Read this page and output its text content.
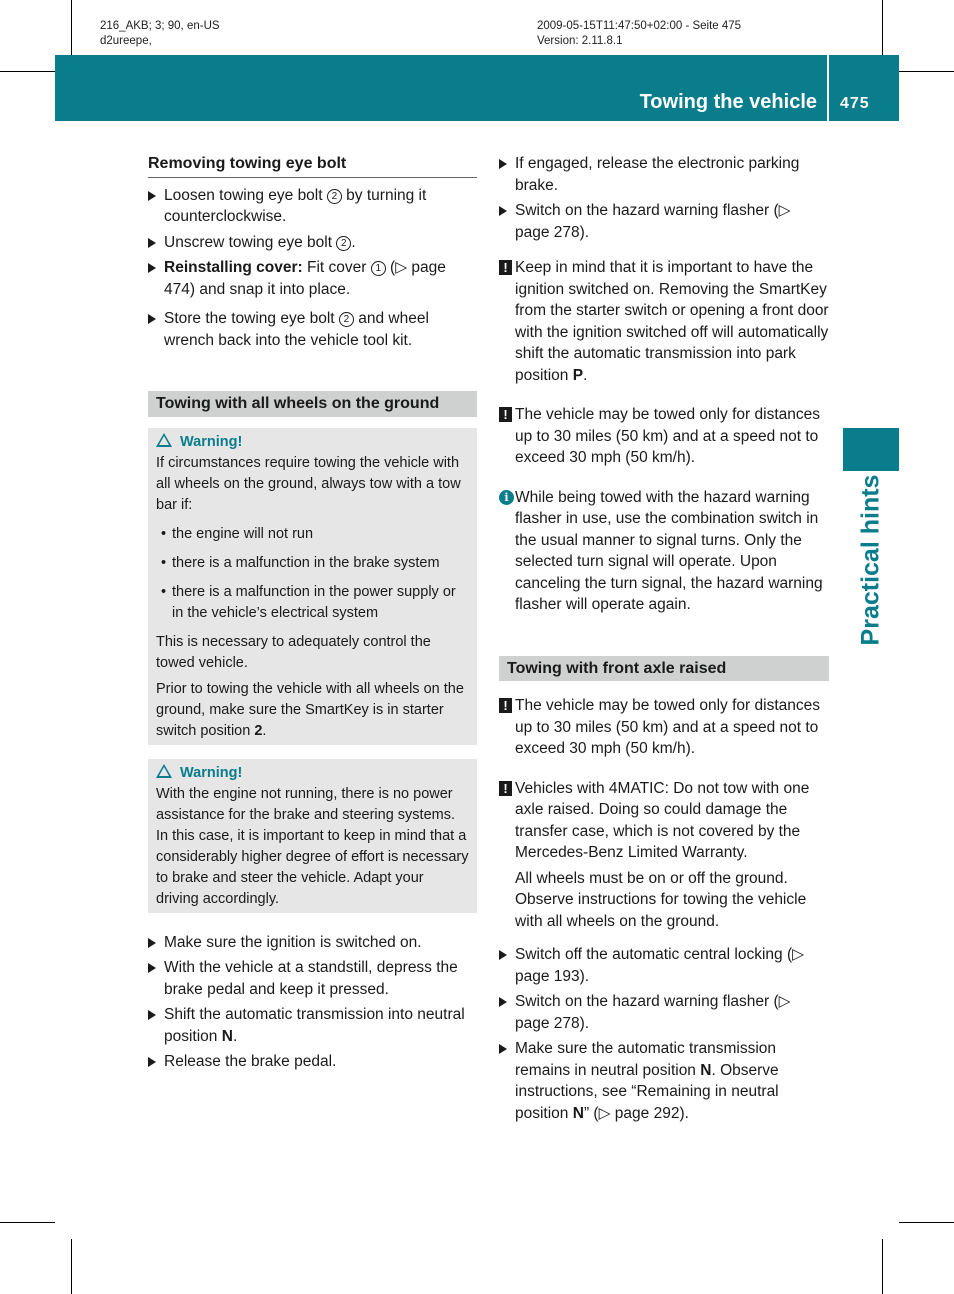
216_AKB; 3; 90, en-US
d2ureepe,
2009-05-15T11:47:50+02:00 - Seite 475
Version: 2.11.8.1
Towing the vehicle 475
Practical hints
Removing towing eye bolt
Loosen towing eye bolt 2 by turning it counterclockwise.
Unscrew towing eye bolt 2 .
Reinstalling cover: Fit cover 1 (▷ page 474) and snap it into place.
Store the towing eye bolt 2 and wheel wrench back into the vehicle tool kit.
Towing with all wheels on the ground

Warning!

If circumstances require towing the vehicle with all wheels on the ground, always tow with a tow bar if:

• the engine will not run
• there is a malfunction in the brake system
• there is a malfunction in the power supply or in the vehicle’s electrical system

This is necessary to adequately control the towed vehicle.

Prior to towing the vehicle with all wheels on the ground, make sure the SmartKey is in starter switch position 2.

Warning!

With the engine not running, there is no power assistance for the brake and steering systems. In this case, it is important to keep in mind that a considerably higher degree of effort is necessary to brake and steer the vehicle. Adapt your driving accordingly.

Make sure the ignition is switched on.
With the vehicle at a standstill, depress the brake pedal and keep it pressed.
Shift the automatic transmission into neutral position N.
Release the brake pedal.
If engaged, release the electronic parking brake.
Switch on the hazard warning flasher (▷ page 278).
! Keep in mind that it is important to have the ignition switched on. Removing the SmartKey from the starter switch or opening a front door with the ignition switched off will automatically shift the automatic transmission into park position P.
! The vehicle may be towed only for distances up to 30 miles (50 km) and at a speed not to exceed 30 mph (50 km/h).
i While being towed with the hazard warning flasher in use, use the combination switch in the usual manner to signal turns. Only the selected turn signal will operate. Upon canceling the turn signal, the hazard warning flasher will operate again.
Towing with front axle raised
! The vehicle may be towed only for distances up to 30 miles (50 km) and at a speed not to exceed 30 mph (50 km/h).
! Vehicles with 4MATIC: Do not tow with one axle raised. Doing so could damage the transfer case, which is not covered by the Mercedes-Benz Limited Warranty.

All wheels must be on or off the ground. Observe instructions for towing the vehicle with all wheels on the ground.

Switch off the automatic central locking (▷ page 193).
Switch on the hazard warning flasher (▷ page 278).
Make sure the automatic transmission remains in neutral position N. Observe instructions, see “Remaining in neutral position N” (▷ page 292).
